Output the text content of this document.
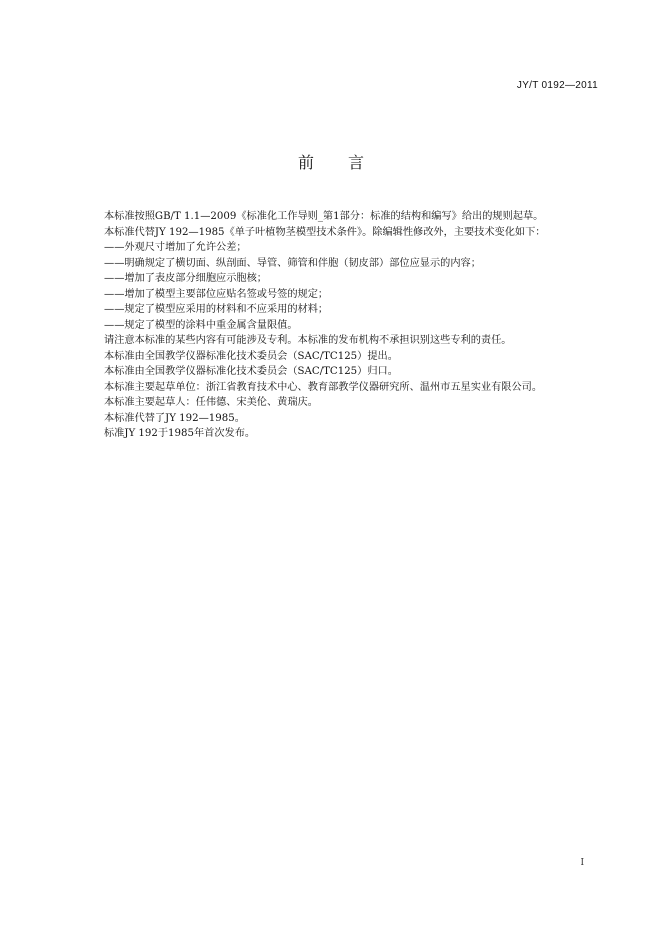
JY/T 0192—2011
前言

本标准按照GB/T 1.1—2009《标准化工作导则_第1部分：标准的结构和编写》给出的规则起草。

本标准代替JY 192—1985《单子叶植物茎模型技术条件》。除编辑性修改外，主要技术变化如下：

——外观尺寸增加了允许公差；

——明确规定了横切面、纵剖面、导管、筛管和伴胞（韧皮部）部位应显示的内容；

——增加了表皮部分细胞应示胞核；

——增加了模型主要部位应贴名签或号签的规定；

——规定了模型应采用的材料和不应采用的材料；

——规定了模型的涂料中重金属含量限值。

请注意本标准的某些内容有可能涉及专利。本标准的发布机构不承担识别这些专利的责任。

本标准由全国教学仪器标准化技术委员会（SAC/TC125）提出。

本标准由全国教学仪器标准化技术委员会（SAC/TC125）归口。

本标准主要起草单位：浙江省教育技术中心、教育部教学仪器研究所、温州市五星实业有限公司。

本标准主要起草人：任伟德、宋美伦、黄瑞庆。

本标准代替了JY 192—1985。

标准JY 192于1985年首次发布。

I
